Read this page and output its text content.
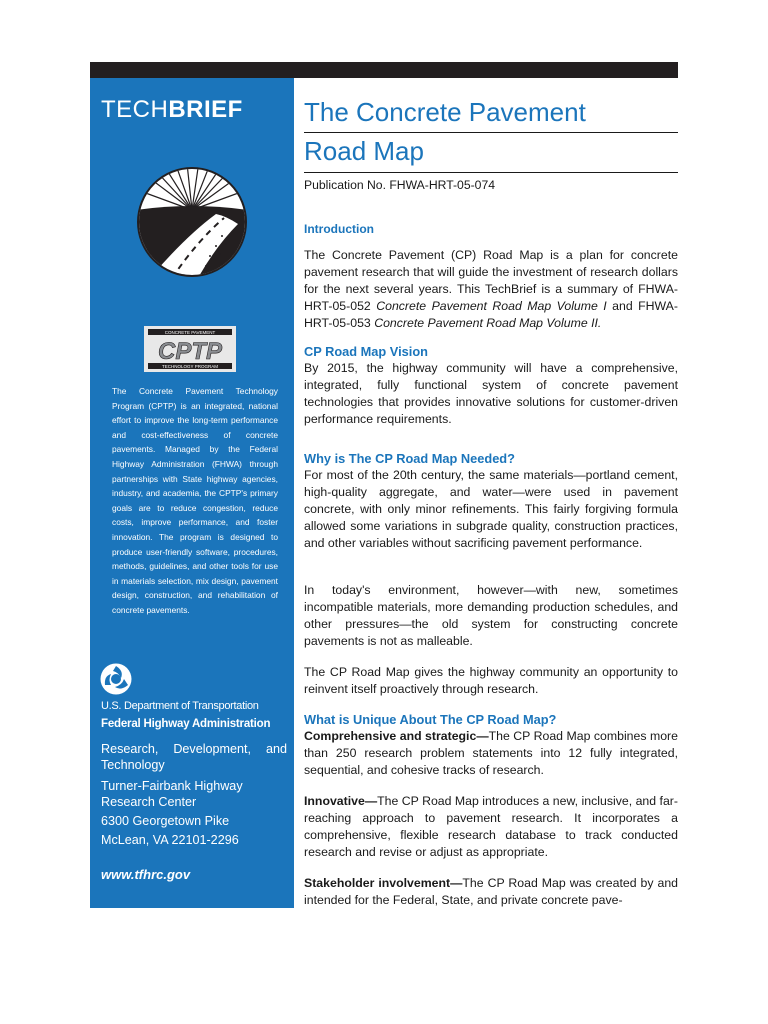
TECHBRIEF
CONCRETE PAVEMENT
CPTP
TECHNOLOGY PROGRAM
The Concrete Pavement Technology Program (CPTP) is an integrated, national effort to improve the long-term performance and cost-effectiveness of concrete pavements. Managed by the Federal Highway Administration (FHWA) through partnerships with State highway agencies, industry, and academia, the CPTP's primary goals are to reduce congestion, reduce costs, improve performance, and foster innovation. The program is designed to produce user-friendly software, procedures, methods, guidelines, and other tools for use in materials selection, mix design, pavement design, construction, and rehabilitation of concrete pavements.
U.S. Department of Transportation
Federal Highway Administration
Research, Development, and Technology
Turner-Fairbank Highway Research Center
6300 Georgetown Pike
McLean, VA 22101-2296
www.tfhrc.gov
The Concrete Pavement
Road Map
Publication No. FHWA-HRT-05-074
Introduction

The Concrete Pavement (CP) Road Map is a plan for concrete pavement research that will guide the investment of research dollars for the next several years. This TechBrief is a summary of FHWA-HRT-05-052 Concrete Pavement Road Map Volume I and FHWA-HRT-05-053 Concrete Pavement Road Map Volume II.

CP Road Map Vision

By 2015, the highway community will have a comprehensive, integrated, fully functional system of concrete pavement technologies that provides innovative solutions for customer-driven performance requirements.

Why is The CP Road Map Needed?

For most of the 20th century, the same materials—portland cement, high-quality aggregate, and water—were used in pavement concrete, with only minor refinements. This fairly forgiving formula allowed some variations in subgrade quality, construction practices, and other variables without sacrificing pavement performance.

In today's environment, however—with new, sometimes incompatible materials, more demanding production schedules, and other pressures—the old system for constructing concrete pavements is not as malleable.

The CP Road Map gives the highway community an opportunity to reinvent itself proactively through research.

What is Unique About The CP Road Map?

Comprehensive and strategic—The CP Road Map combines more than 250 research problem statements into 12 fully integrated, sequential, and cohesive tracks of research.

Innovative—The CP Road Map introduces a new, inclusive, and far-reaching approach to pavement research. It incorporates a comprehensive, flexible research database to track conducted research and revise or adjust as appropriate.

Stakeholder involvement—The CP Road Map was created by and intended for the Federal, State, and private concrete pave-
